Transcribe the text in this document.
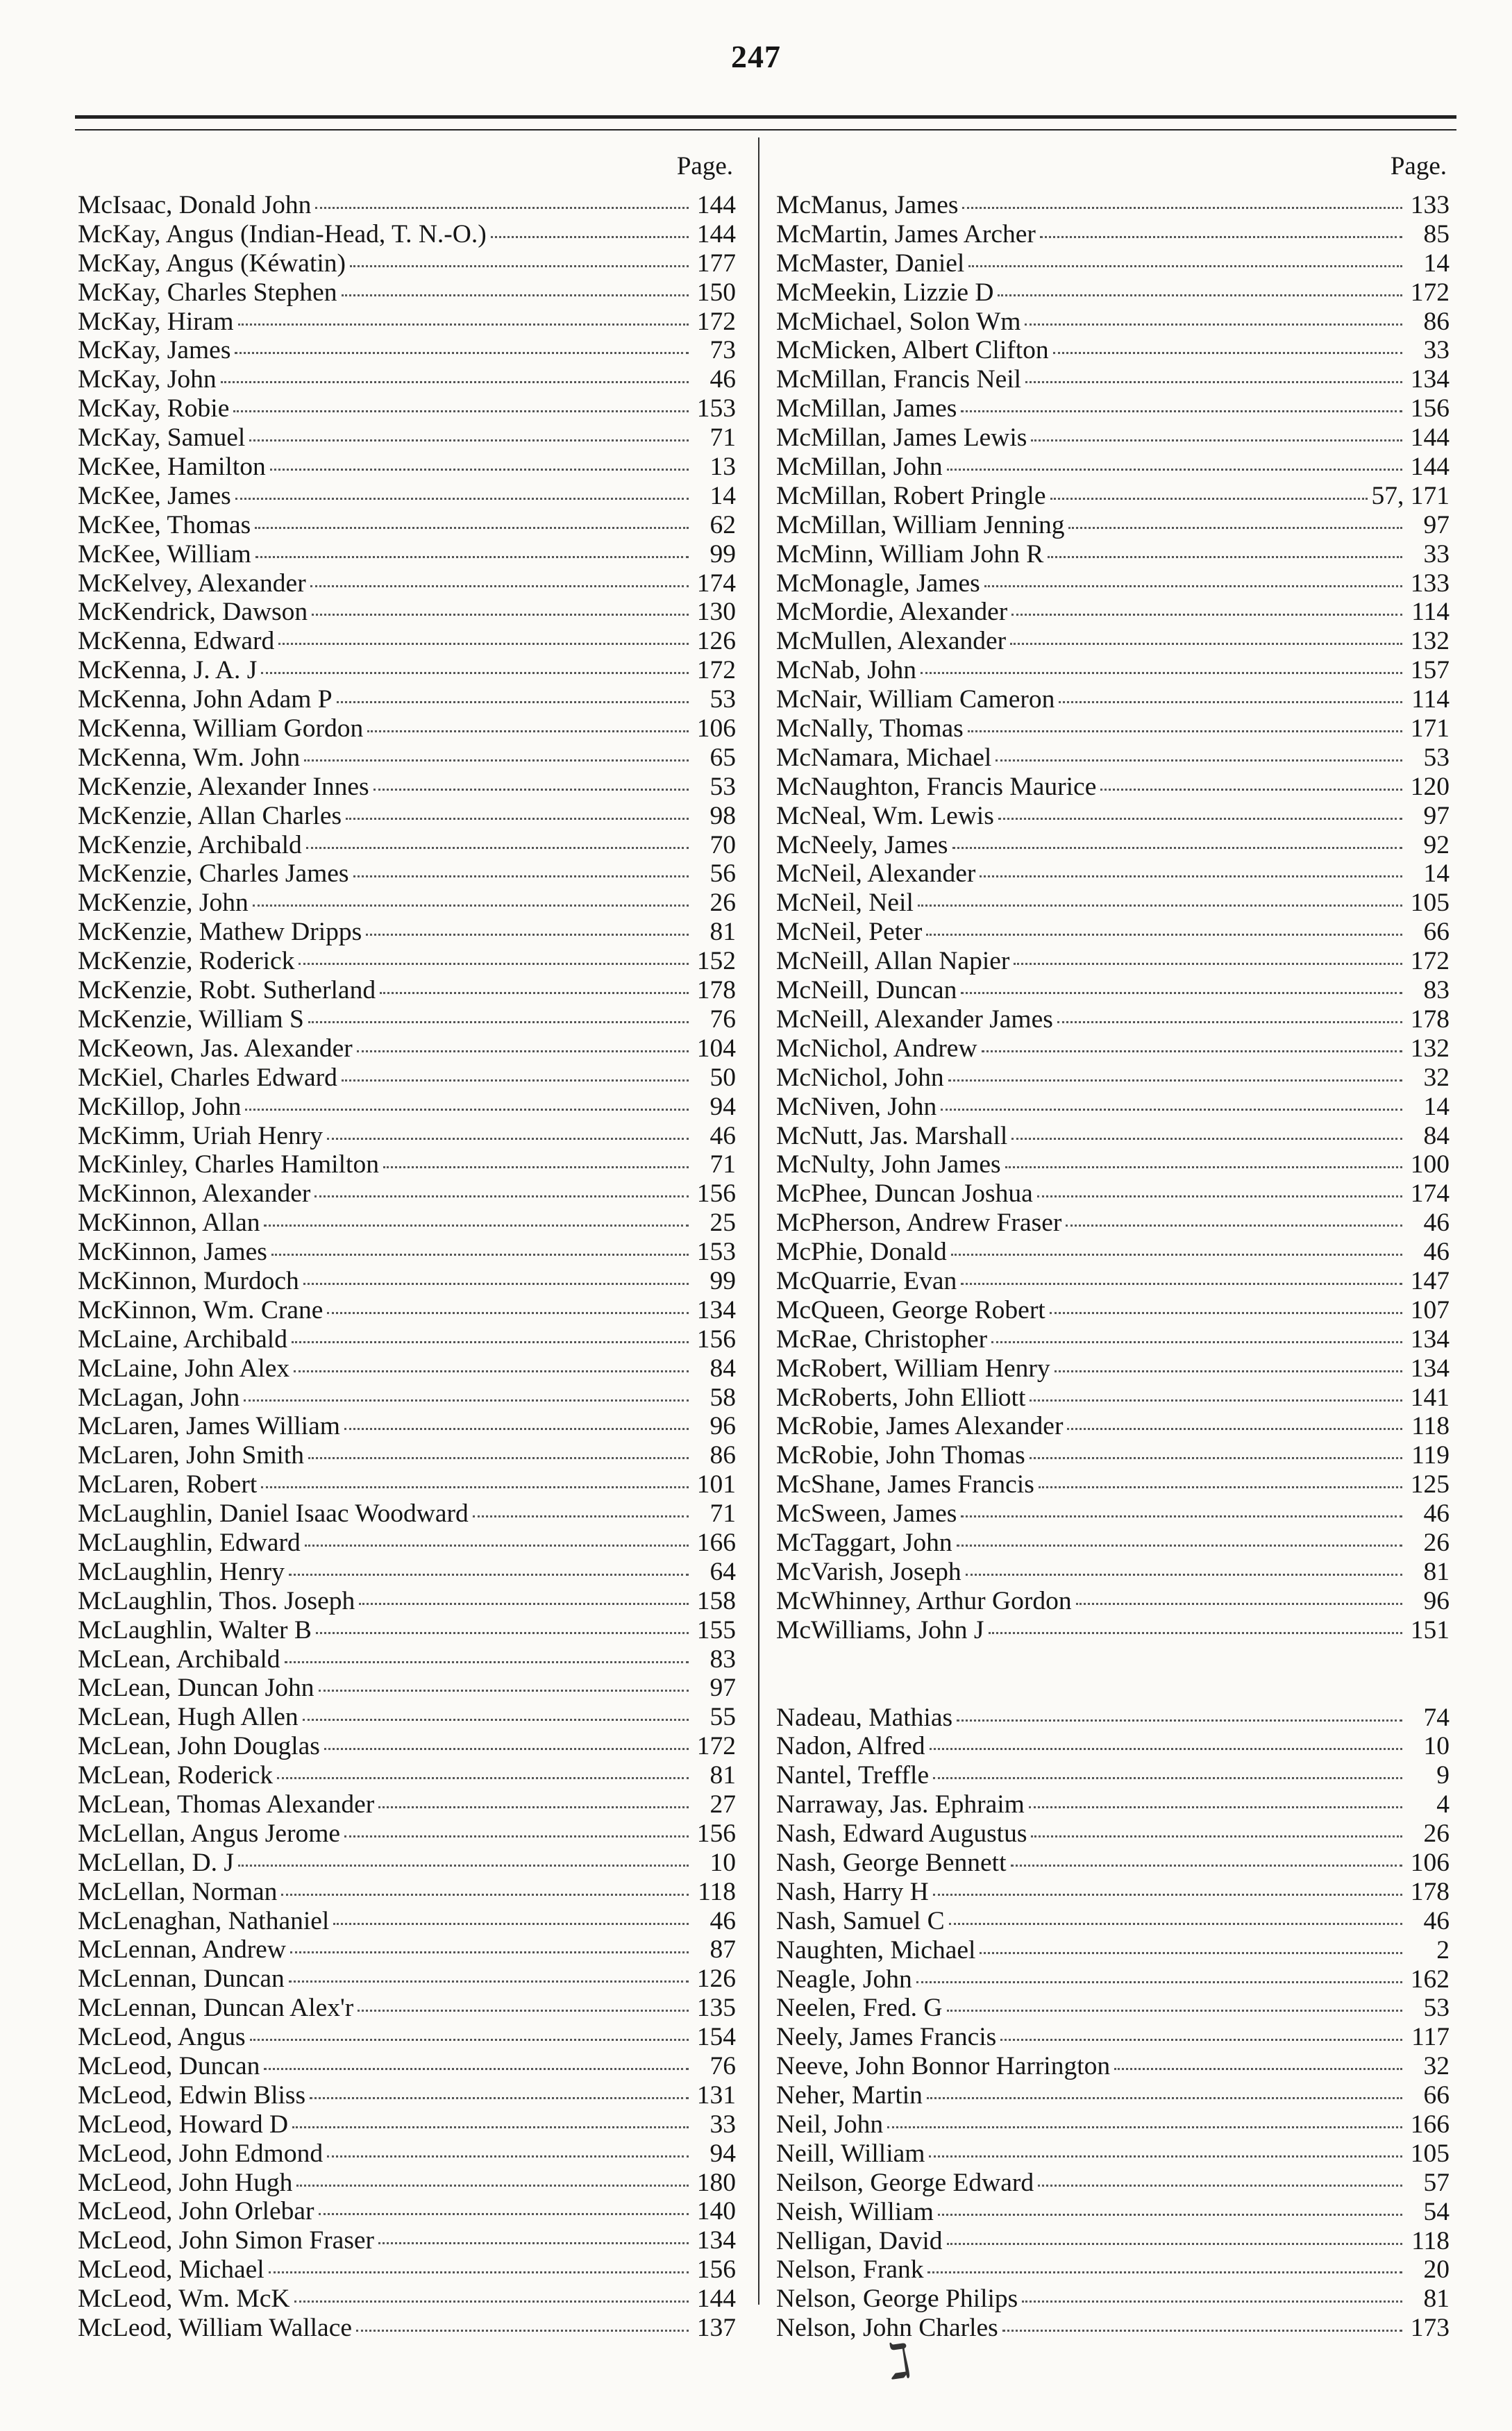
247
Page.
McIsaac, Donald John	144
McKay, Angus (Indian-Head, T. N.-O.)	144
McKay, Angus (Kéwatin)	177
McKay, Charles Stephen	150
McKay, Hiram	172
McKay, James	73
McKay, John	46
McKay, Robie	153
McKay, Samuel	71
McKee, Hamilton	13
McKee, James	14
McKee, Thomas	62
McKee, William	99
McKelvey, Alexander	174
McKendrick, Dawson	130
McKenna, Edward	126
McKenna, J. A. J	172
McKenna, John Adam P	53
McKenna, William Gordon	106
McKenna, Wm. John	65
McKenzie, Alexander Innes	53
McKenzie, Allan Charles	98
McKenzie, Archibald	70
McKenzie, Charles James	56
McKenzie, John	26
McKenzie, Mathew Dripps	81
McKenzie, Roderick	152
McKenzie, Robt. Sutherland	178
McKenzie, William S	76
McKeown, Jas. Alexander	104
McKiel, Charles Edward	50
McKillop, John	94
McKimm, Uriah Henry	46
McKinley, Charles Hamilton	71
McKinnon, Alexander	156
McKinnon, Allan	25
McKinnon, James	153
McKinnon, Murdoch	99
McKinnon, Wm. Crane	134
McLaine, Archibald	156
McLaine, John Alex	84
McLagan, John	58
McLaren, James William	96
McLaren, John Smith	86
McLaren, Robert	101
McLaughlin, Daniel Isaac Woodward	71
McLaughlin, Edward	166
McLaughlin, Henry	64
McLaughlin, Thos. Joseph	158
McLaughlin, Walter B	155
McLean, Archibald	83
McLean, Duncan John	97
McLean, Hugh Allen	55
McLean, John Douglas	172
McLean, Roderick	81
McLean, Thomas Alexander	27
McLellan, Angus Jerome	156
McLellan, D. J	10
McLellan, Norman	118
McLenaghan, Nathaniel	46
McLennan, Andrew	87
McLennan, Duncan	126
McLennan, Duncan Alex'r	135
McLeod, Angus	154
McLeod, Duncan	76
McLeod, Edwin Bliss	131
McLeod, Howard D	33
McLeod, John Edmond	94
McLeod, John Hugh	180
McLeod, John Orlebar	140
McLeod, John Simon Fraser	134
McLeod, Michael	156
McLeod, Wm. McK	144
McLeod, William Wallace	137
Page.
McManus, James	133
McMartin, James Archer	85
McMaster, Daniel	14
McMeekin, Lizzie D	172
McMichael, Solon Wm	86
McMicken, Albert Clifton	33
McMillan, Francis Neil	134
McMillan, James	156
McMillan, James Lewis	144
McMillan, John	144
McMillan, Robert Pringle	57, 171
McMillan, William Jenning	97
McMinn, William John R	33
McMonagle, James	133
McMordie, Alexander	114
McMullen, Alexander	132
McNab, John	157
McNair, William Cameron	114
McNally, Thomas	171
McNamara, Michael	53
McNaughton, Francis Maurice	120
McNeal, Wm. Lewis	97
McNeely, James	92
McNeil, Alexander	14
McNeil, Neil	105
McNeil, Peter	66
McNeill, Allan Napier	172
McNeill, Duncan	83
McNeill, Alexander James	178
McNichol, Andrew	132
McNichol, John	32
McNiven, John	14
McNutt, Jas. Marshall	84
McNulty, John James	100
McPhee, Duncan Joshua	174
McPherson, Andrew Fraser	46
McPhie, Donald	46
McQuarrie, Evan	147
McQueen, George Robert	107
McRae, Christopher	134
McRobert, William Henry	134
McRoberts, John Elliott	141
McRobie, James Alexander	118
McRobie, John Thomas	119
McShane, James Francis	125
McSween, James	46
McTaggart, John	26
McVarish, Joseph	81
McWhinney, Arthur Gordon	96
McWilliams, John J	151
Nadeau, Mathias	74
Nadon, Alfred	10
Nantel, Treffle	9
Narraway, Jas. Ephraim	4
Nash, Edward Augustus	26
Nash, George Bennett	106
Nash, Harry H	178
Nash, Samuel C	46
Naughten, Michael	2
Neagle, John	162
Neelen, Fred. G	53
Neely, James Francis	117
Neeve, John Bonnor Harrington	32
Neher, Martin	66
Neil, John	166
Neill, William	105
Neilson, George Edward	57
Neish, William	54
Nelligan, David	118
Nelson, Frank	20
Nelson, George Philips	81
Nelson, John Charles	173
ℷ
